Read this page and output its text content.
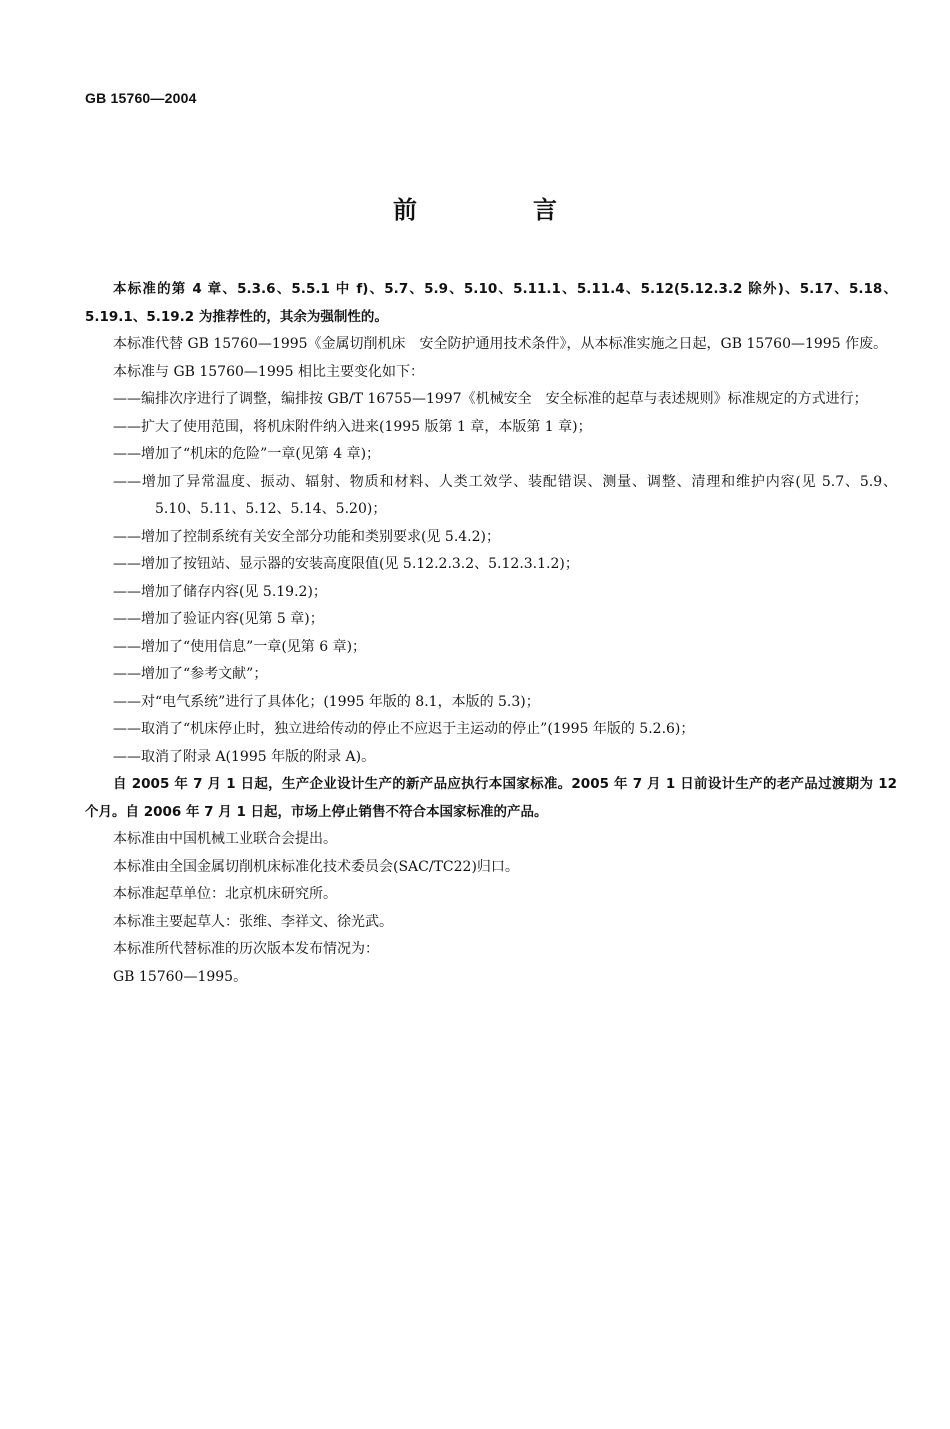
GB 15760—2004
前　言

本标准的第 4 章、5.3.6、5.5.1 中 f)、5.7、5.9、5.10、5.11.1、5.11.4、5.12(5.12.3.2 除外)、5.17、5.18、5.19.1、5.19.2 为推荐性的，其余为强制性的。

本标准代替 GB 15760—1995《金属切削机床　安全防护通用技术条件》，从本标准实施之日起，GB 15760—1995 作废。

本标准与 GB 15760—1995 相比主要变化如下：

——编排次序进行了调整，编排按 GB/T 16755—1997《机械安全　安全标准的起草与表述规则》标准规定的方式进行；

——扩大了使用范围，将机床附件纳入进来(1995 版第 1 章，本版第 1 章)；

——增加了“机床的危险”一章(见第 4 章)；

——增加了异常温度、振动、辐射、物质和材料、人类工效学、装配错误、测量、调整、清理和维护内容(见 5.7、5.9、5.10、5.11、5.12、5.14、5.20)；

——增加了控制系统有关安全部分功能和类别要求(见 5.4.2)；

——增加了按钮站、显示器的安装高度限值(见 5.12.2.3.2、5.12.3.1.2)；

——增加了储存内容(见 5.19.2)；

——增加了验证内容(见第 5 章)；

——增加了“使用信息”一章(见第 6 章)；

——增加了“参考文献”；

——对“电气系统”进行了具体化；(1995 年版的 8.1，本版的 5.3)；

——取消了“机床停止时，独立进给传动的停止不应迟于主运动的停止”(1995 年版的 5.2.6)；

——取消了附录 A(1995 年版的附录 A)。

自 2005 年 7 月 1 日起，生产企业设计生产的新产品应执行本国家标准。2005 年 7 月 1 日前设计生产的老产品过渡期为 12 个月。自 2006 年 7 月 1 日起，市场上停止销售不符合本国家标准的产品。

本标准由中国机械工业联合会提出。

本标准由全国金属切削机床标准化技术委员会(SAC/TC22)归口。

本标准起草单位：北京机床研究所。

本标准主要起草人：张维、李祥文、徐光武。

本标准所代替标准的历次版本发布情况为：

GB 15760—1995。
